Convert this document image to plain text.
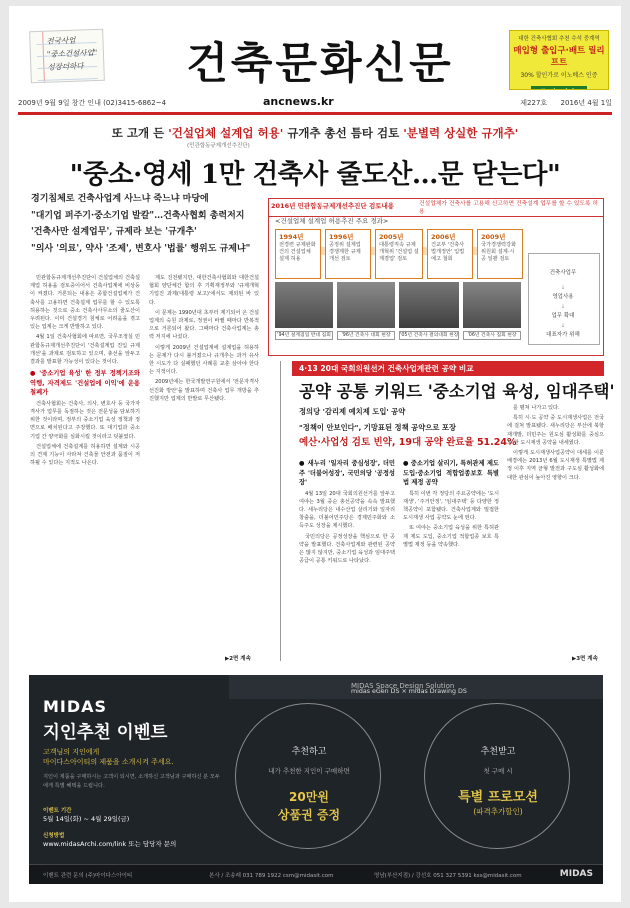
전국사업
"중소건설사업"
성장더하다	건축문화신문	대한 건축사협회 추천 수석 중계역
매입형 출입구·배트 릴리프트
30% 할인가로 이노베스 인증
2009년 9월 9일 창간 인내 (02)3415-6862~4	ancnews.kr	제227호 2016년 4월 1일
또 고개 든 '건설업체 설계업 허용' 규개추 총선 틈타 검토 '분별력 상실한 규개추'
(민관합동규제개선추진단)
"중소·영세 1만 건축사 줄도산…문 닫는다"
경기침체로 건축사업계 사느냐 죽느냐 마당에
"대기업 퍼주기·중소기업 발칼"…건축사협회 총력저지
'건축사만 설계업무', 규제라 보는 '규개추'
"의사 '의료', 약사 '조제', 변호사 '법률' 행위도 규제냐"
2016년 민관합동규제개선추진단 검토내용	건설업체가 건축사를 고용해 신고하면 건축설계 업무를 할 수 있도록 허용
<건설업체 설계업 허용추진 주요 경과>
1994년
전경련 규제완화 건의 건설업체 설계 허용
1996년
공정위 설계업 경쟁제한 규제 개선 검토
2005년
대통령직속 규제개혁위 '건설업 설계겸업' 검토
2006년
건교부 '건축사법개정안' 입법예고 철회
2009년
국가경쟁력강화위원회 설계·시공 일괄 검토
'94년 설계겸업 반대 집회	'96년 건축사 대회 현장	'05년 건축사 결의대회 현장	'06년 건축사 집회 현장
건축사업무
↓
영업사용
↓
업무 확대
↓
대표자가 위해

민관합동규제개선추진단이 건설업체의 건축설계업 허용을 검토중이어서 건축사업계에 비상등이 켜졌다. 거론되는 내용은 종합건설업체가 건축사를 고용하면 건축설계 업무를 할 수 있도록 허용하는 것으로 중소 건축사사무소의 줄도산이 우려된다. 이미 건설경기 침체로 어려움을 겪고 있는 업계는 크게 반발하고 있다.

4월 1일 건축사협회에 따르면, 국무조정실 민관합동규제개선추진단이 '건축설계업 진입 규제 개선'을 과제로 검토하고 있으며, 총선을 앞두고 결과를 발표할 가능성이 있다는 것이다.

● '중소기업 육성' 한 정부 정책기조와 역행, 자격제도 '건설업에 이익'에 운용 철폐가

건축사협회는 건축사, 의사, 변호사 등 국가자격사가 업무를 독점하는 것은 전문성을 담보하기 위한 것이라며, 정부의 중소기업 육성 정책과 정면으로 배치된다고 주장했다. 또 대기업과 중소기업 간 양극화를 심화시킬 것이라고 덧붙였다.

건설업체에 건축설계를 허용하면 설계와 시공의 견제 기능이 사라져 건축물 안전과 품질이 저하될 수 있다는 지적도 나온다.

제도 진전됐지만, 대한건축사협회와 대한건설협회 양단체간 합의 후 기획재정부와 '규제개혁 기업진 과제(대통령 보고)'에서도 제외된 바 있다.

이 문제는 1990년대 초부터 제기되어 온 건설업계의 숙원 과제로, 정권이 바뀔 때마다 반복적으로 거론되어 왔다. 그때마다 건축사업계는 총력 저지에 나섰다.

이렇게 2009년 건설업계에 설계업을 허용하는 문제가 다시 불거졌으나 규개추는 과거 유사한 시도가 다 실패했던 사례를 교훈 삼아야 한다는 지적이다.

2009년에는 한국개발연구원에서 '전문자격사 선진화 방안'을 발표하며 건축사 업무 개방을 추진했지만 업계의 반발로 무산됐다.

▶2면 계속
4·13 20대 국회의원선거 건축사업계관련 공약 비교
공약 공통 키워드 '중소기업 육성, 임대주택'
정의당 '감리제 예치제 도입' 공약
"정책이 안보인다", 기망표된 정책 공약으로 포장
예산·사업성 검토 빈약, 19대 공약 완료율 51.24%
● 새누리 '일자리 중심성장', 더민주 '더불어성장', 국민의당 '공정성장'

4월 13일 20대 국회의원선거를 앞두고 여야는 3월 중순 총선공약을 속속 발표했다. 새누리당은 내수산업 살리기와 일자리 창출을, 더불어민주당은 경제민주화와 소득주도 성장을 제시했다.

국민의당은 공정성장을 핵심으로 한 공약을 발표했다. 건축사업계와 관련된 공약은 많지 않지만, 중소기업 육성과 임대주택 공급이 공통 키워드로 나타났다.

● 중소기업 살리기, 특허관제 제도도입·중소기업 적합업종보호 특별법 제정 공약

특히 이번 각 정당의 주요공약에는 '도시재생', '주거안정', '임대주택' 등 다양한 정책공약이 포함됐다. 건축사업계와 밀접한 도시재생 사업 공약도 눈에 띈다.

또 여야는 중소기업 육성을 위한 특허관제 제도 도입, 중소기업 적합업종 보호 특별법 제정 등을 약속했다.

를 펼쳐 나가고 있다.

특히 시·도 공약 중 도시재생사업은 전국에 걸쳐 발표됐다. 새누리당은 부산에 북항재개발, 더민주는 원도심 활성화를 중심으로 한 도시재생 공약을 내세웠다.

이렇게 도시재생사업공약이 대세를 이룬 배경에는 2013년 6월 도시재생 특별법 제정 이후 지역 균형 발전과 구도심 활성화에 대한 관심이 높아진 영향이 크다.

▶3면 계속
MIDAS Space Design Solution
midas eGen DS × midas Drawing DS
MIDAS
지인추천 이벤트
고객님의 지인에게
마이다스아이티의 제품을 소개시켜 주세요.
지인이 제품을 구매하시는 고객이 되시면, 소개하신 고객님과 구매하신 분 모두에게 특별 혜택을 드립니다.
이벤트 기간
5월 14일(화) ~ 4월 29일(금)
신청방법
www.midasArchi.com/link 또는 담당자 문의
추천하고
내가 추천한 지인이 구매하면
20만원
상품권 증정
추천받고
첫 구매 시
특별 프로모션
(파격추가할인)
이벤트 관련 문의 (주)마이다스아이티	본사 / 조송래 031 789 1922 csm@midasit.com	영남(부산지점) / 강선호 051 327 5391 kss@midasit.com	MIDAS
